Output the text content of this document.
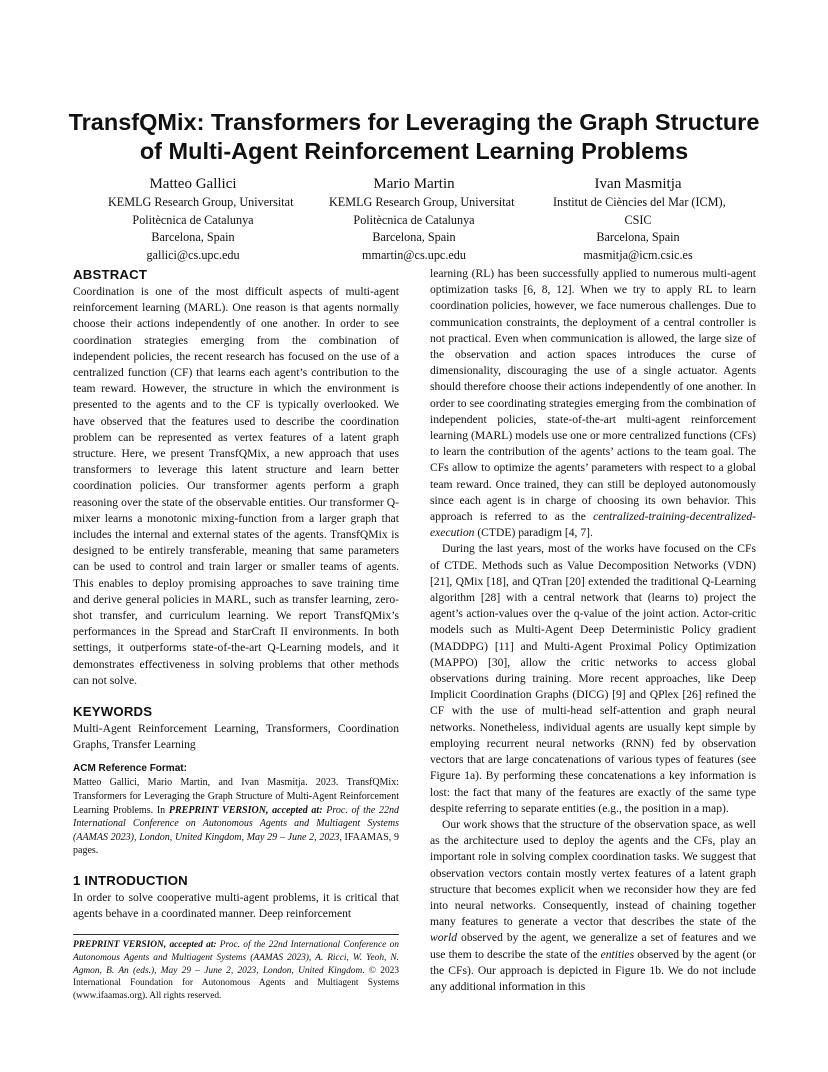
TransfQMix: Transformers for Leveraging the Graph Structure of Multi-Agent Reinforcement Learning Problems
Matteo Gallici
KEMLG Research Group, Universitat
Politècnica de Catalunya
Barcelona, Spain
gallici@cs.upc.edu
Mario Martin
KEMLG Research Group, Universitat
Politècnica de Catalunya
Barcelona, Spain
mmartin@cs.upc.edu
Ivan Masmitja
Institut de Ciències del Mar (ICM),
CSIC
Barcelona, Spain
masmitja@icm.csic.es
ABSTRACT

Coordination is one of the most difficult aspects of multi-agent reinforcement learning (MARL). One reason is that agents normally choose their actions independently of one another. In order to see coordination strategies emerging from the combination of independent policies, the recent research has focused on the use of a centralized function (CF) that learns each agent’s contribution to the team reward. However, the structure in which the environment is presented to the agents and to the CF is typically overlooked. We have observed that the features used to describe the coordination problem can be represented as vertex features of a latent graph structure. Here, we present TransfQMix, a new approach that uses transformers to leverage this latent structure and learn better coordination policies. Our transformer agents perform a graph reasoning over the state of the observable entities. Our transformer Q-mixer learns a monotonic mixing-function from a larger graph that includes the internal and external states of the agents. TransfQMix is designed to be entirely transferable, meaning that same parameters can be used to control and train larger or smaller teams of agents. This enables to deploy promising approaches to save training time and derive general policies in MARL, such as transfer learning, zero-shot transfer, and curriculum learning. We report TransfQMix’s performances in the Spread and StarCraft II environments. In both settings, it outperforms state-of-the-art Q-Learning models, and it demonstrates effectiveness in solving problems that other methods can not solve.

KEYWORDS

Multi-Agent Reinforcement Learning, Transformers, Coordination Graphs, Transfer Learning

ACM Reference Format:

Matteo Gallici, Mario Martin, and Ivan Masmitja. 2023. TransfQMix: Transformers for Leveraging the Graph Structure of Multi-Agent Reinforcement Learning Problems. In PREPRINT VERSION, accepted at: Proc. of the 22nd International Conference on Autonomous Agents and Multiagent Systems (AAMAS 2023), London, United Kingdom, May 29 – June 2, 2023, IFAAMAS, 9 pages.

1 INTRODUCTION

In order to solve cooperative multi-agent problems, it is critical that agents behave in a coordinated manner. Deep reinforcement

PREPRINT VERSION, accepted at: Proc. of the 22nd International Conference on Autonomous Agents and Multiagent Systems (AAMAS 2023), A. Ricci, W. Yeoh, N. Agmon, B. An (eds.), May 29 – June 2, 2023, London, United Kingdom. © 2023 International Foundation for Autonomous Agents and Multiagent Systems (www.ifaamas.org). All rights reserved.

learning (RL) has been successfully applied to numerous multi-agent optimization tasks [6, 8, 12]. When we try to apply RL to learn coordination policies, however, we face numerous challenges. Due to communication constraints, the deployment of a central controller is not practical. Even when communication is allowed, the large size of the observation and action spaces introduces the curse of dimensionality, discouraging the use of a single actuator. Agents should therefore choose their actions independently of one another. In order to see coordinating strategies emerging from the combination of independent policies, state-of-the-art multi-agent reinforcement learning (MARL) models use one or more centralized functions (CFs) to learn the contribution of the agents’ actions to the team goal. The CFs allow to optimize the agents’ parameters with respect to a global team reward. Once trained, they can still be deployed autonomously since each agent is in charge of choosing its own behavior. This approach is referred to as the centralized-training-decentralized-execution (CTDE) paradigm [4, 7].

During the last years, most of the works have focused on the CFs of CTDE. Methods such as Value Decomposition Networks (VDN) [21], QMix [18], and QTran [20] extended the traditional Q-Learning algorithm [28] with a central network that (learns to) project the agent’s action-values over the q-value of the joint action. Actor-critic models such as Multi-Agent Deep Deterministic Policy gradient (MADDPG) [11] and Multi-Agent Proximal Policy Optimization (MAPPO) [30], allow the critic networks to access global observations during training. More recent approaches, like Deep Implicit Coordination Graphs (DICG) [9] and QPlex [26] refined the CF with the use of multi-head self-attention and graph neural networks. Nonetheless, individual agents are usually kept simple by employing recurrent neural networks (RNN) fed by observation vectors that are large concatenations of various types of features (see Figure 1a). By performing these concatenations a key information is lost: the fact that many of the features are exactly of the same type despite referring to separate entities (e.g., the position in a map).

Our work shows that the structure of the observation space, as well as the architecture used to deploy the agents and the CFs, play an important role in solving complex coordination tasks. We suggest that observation vectors contain mostly vertex features of a latent graph structure that becomes explicit when we reconsider how they are fed into neural networks. Consequently, instead of chaining together many features to generate a vector that describes the state of the world observed by the agent, we generalize a set of features and we use them to describe the state of the entities observed by the agent (or the CFs). Our approach is depicted in Figure 1b. We do not include any additional information in this
